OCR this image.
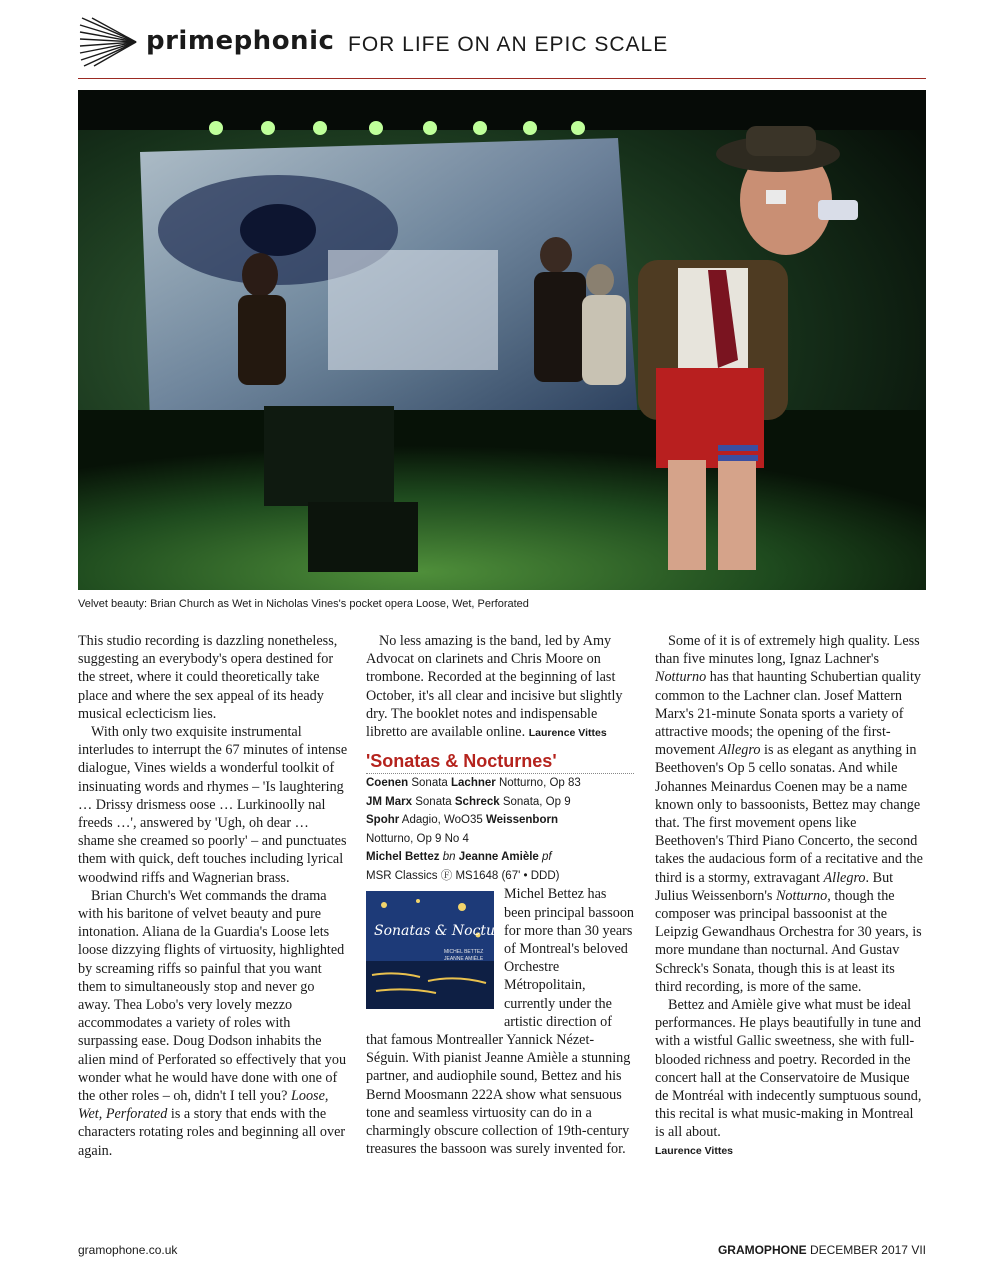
primephonic FOR LIFE ON AN EPIC SCALE
Velvet beauty: Brian Church as Wet in Nicholas Vines's pocket opera Loose, Wet, Perforated

This studio recording is dazzling nonetheless, suggesting an everybody's opera destined for the street, where it could theoretically take place and where the sex appeal of its heady musical eclecticism lies.

With only two exquisite instrumental interludes to interrupt the 67 minutes of intense dialogue, Vines wields a wonderful toolkit of insinuating words and rhymes – 'Is laughtering … Drissy drismess oose … Lurkinoolly nal freeds …', answered by 'Ugh, oh dear … shame she creamed so poorly' – and punctuates them with quick, deft touches including lyrical woodwind riffs and Wagnerian brass.

Brian Church's Wet commands the drama with his baritone of velvet beauty and pure intonation. Aliana de la Guardia's Loose lets loose dizzying flights of virtuosity, highlighted by screaming riffs so painful that you want them to simultaneously stop and never go away. Thea Lobo's very lovely mezzo accommodates a variety of roles with surpassing ease. Doug Dodson inhabits the alien mind of Perforated so effectively that you wonder what he would have done with one of the other roles – oh, didn't I tell you? Loose, Wet, Perforated is a story that ends with the characters rotating roles and beginning all over again.

No less amazing is the band, led by Amy Advocat on clarinets and Chris Moore on trombone. Recorded at the beginning of last October, it's all clear and incisive but slightly dry. The booklet notes and indispensable libretto are available online. Laurence Vittes

'Sonatas & Nocturnes'
Coenen Sonata Lachner Notturno, Op 83
JM Marx Sonata Schreck Sonata, Op 9
Spohr Adagio, WoO35 Weissenborn
Notturno, Op 9 No 4
Michel Bettez bn Jeanne Amièle pf
MSR Classics Ⓕ MS1648 (67' • DDD)
Sonatas & Nocturnes
MICHEL BETTEZ JEANNE AMIÈLE

Michel Bettez has been principal bassoon for more than 30 years of Montreal's beloved Orchestre Métropolitain, currently under the artistic direction of that famous Montrealler Yannick Nézet-Séguin. With pianist Jeanne Amièle a stunning partner, and audiophile sound, Bettez and his Bernd Moosmann 222A show what sensuous tone and seamless virtuosity can do in a charmingly obscure collection of 19th-century treasures the bassoon was surely invented for.

Some of it is of extremely high quality. Less than five minutes long, Ignaz Lachner's Notturno has that haunting Schubertian quality common to the Lachner clan. Josef Mattern Marx's 21-minute Sonata sports a variety of attractive moods; the opening of the first-movement Allegro is as elegant as anything in Beethoven's Op 5 cello sonatas. And while Johannes Meinardus Coenen may be a name known only to bassoonists, Bettez may change that. The first movement opens like Beethoven's Third Piano Concerto, the second takes the audacious form of a recitative and the third is a stormy, extravagant Allegro. But Julius Weissenborn's Notturno, though the composer was principal bassoonist at the Leipzig Gewandhaus Orchestra for 30 years, is more mundane than nocturnal. And Gustav Schreck's Sonata, though this is at least its third recording, is more of the same.

Bettez and Amièle give what must be ideal performances. He plays beautifully in tune and with a wistful Gallic sweetness, she with full-blooded richness and poetry. Recorded in the concert hall at the Conservatoire de Musique de Montréal with indecently sumptuous sound, this recital is what music-making in Montreal is all about.

Laurence Vittes
gramophone.co.uk	GRAMOPHONE DECEMBER 2017 VII
